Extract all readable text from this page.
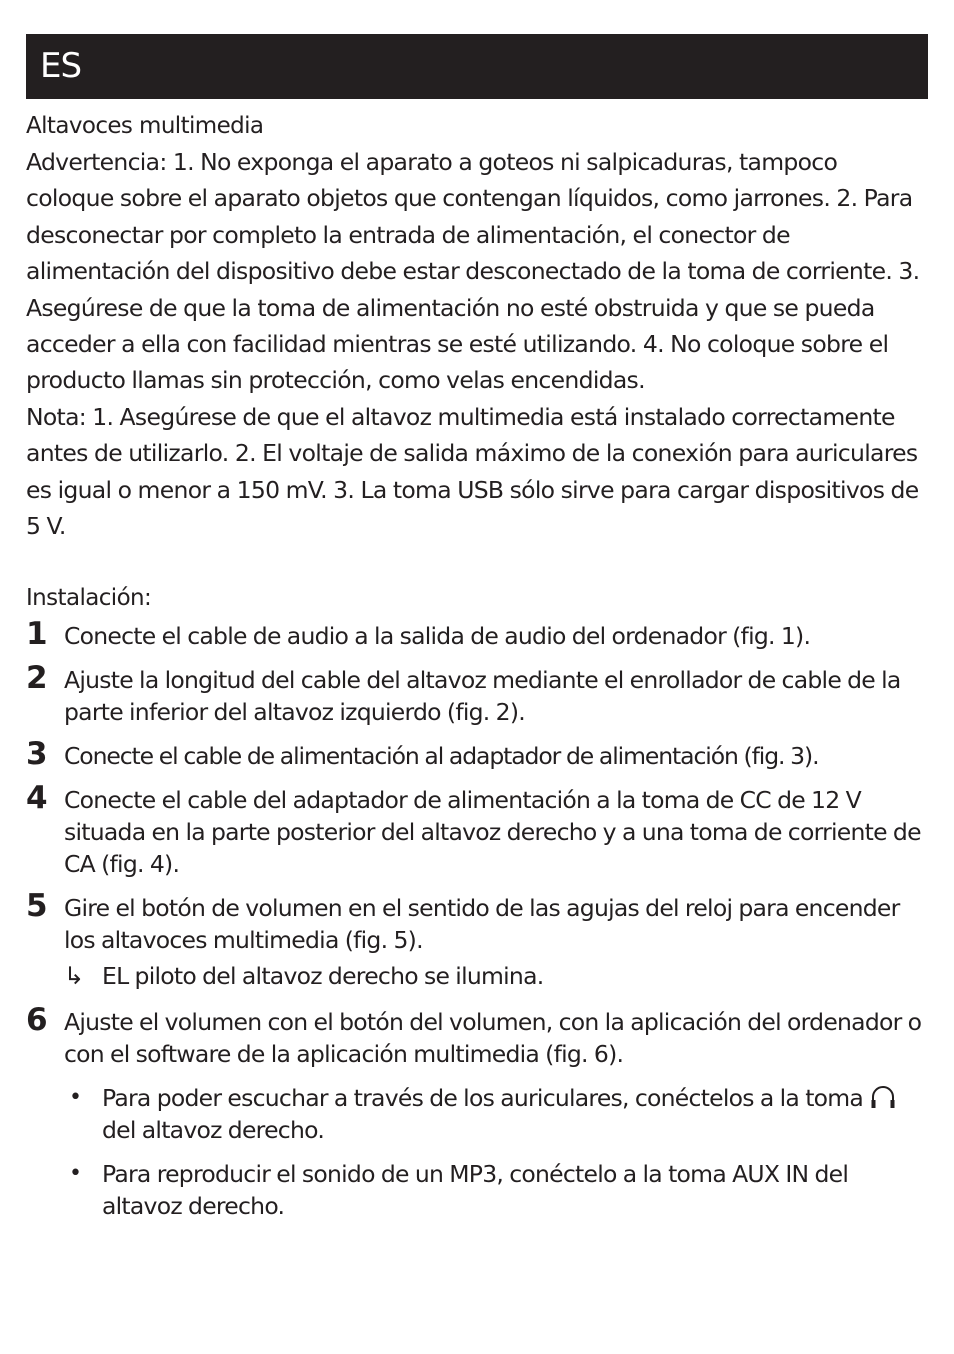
ES

Altavoces multimedia

Advertencia: 1. No exponga el aparato a goteos ni salpicaduras, tampoco coloque sobre el aparato objetos que contengan líquidos, como jarrones. 2. Para desconectar por completo la entrada de alimentación, el conector de alimentación del dispositivo debe estar desconectado de la toma de corriente. 3. Asegúrese de que la toma de alimentación no esté obstruida y que se pueda acceder a ella con facilidad mientras se esté utilizando. 4. No coloque sobre el producto llamas sin protección, como velas encendidas.

Nota: 1. Asegúrese de que el altavoz multimedia está instalado correctamente antes de utilizarlo. 2. El voltaje de salida máximo de la conexión para auriculares es igual o menor a 150 mV. 3. La toma USB sólo sirve para cargar dispositivos de 5 V.

Instalación:

1 Conecte el cable de audio a la salida de audio del ordenador (fig. 1).

2 Ajuste la longitud del cable del altavoz mediante el enrollador de cable de la parte inferior del altavoz izquierdo (fig. 2).

3 Conecte el cable de alimentación al adaptador de alimentación (fig. 3).

4 Conecte el cable del adaptador de alimentación a la toma de CC de 12 V situada en la parte posterior del altavoz derecho y a una toma de corriente de CA (fig. 4).

5 Gire el botón de volumen en el sentido de las agujas del reloj para encender los altavoces multimedia (fig. 5).

↳ EL piloto del altavoz derecho se ilumina.

6 Ajuste el volumen con el botón del volumen, con la aplicación del ordenador o con el software de la aplicación multimedia (fig. 6).

• Para poder escuchar a través de los auriculares, conéctelos a la toma  del altavoz derecho.
• Para reproducir el sonido de un MP3, conéctelo a la toma AUX IN del altavoz derecho.
